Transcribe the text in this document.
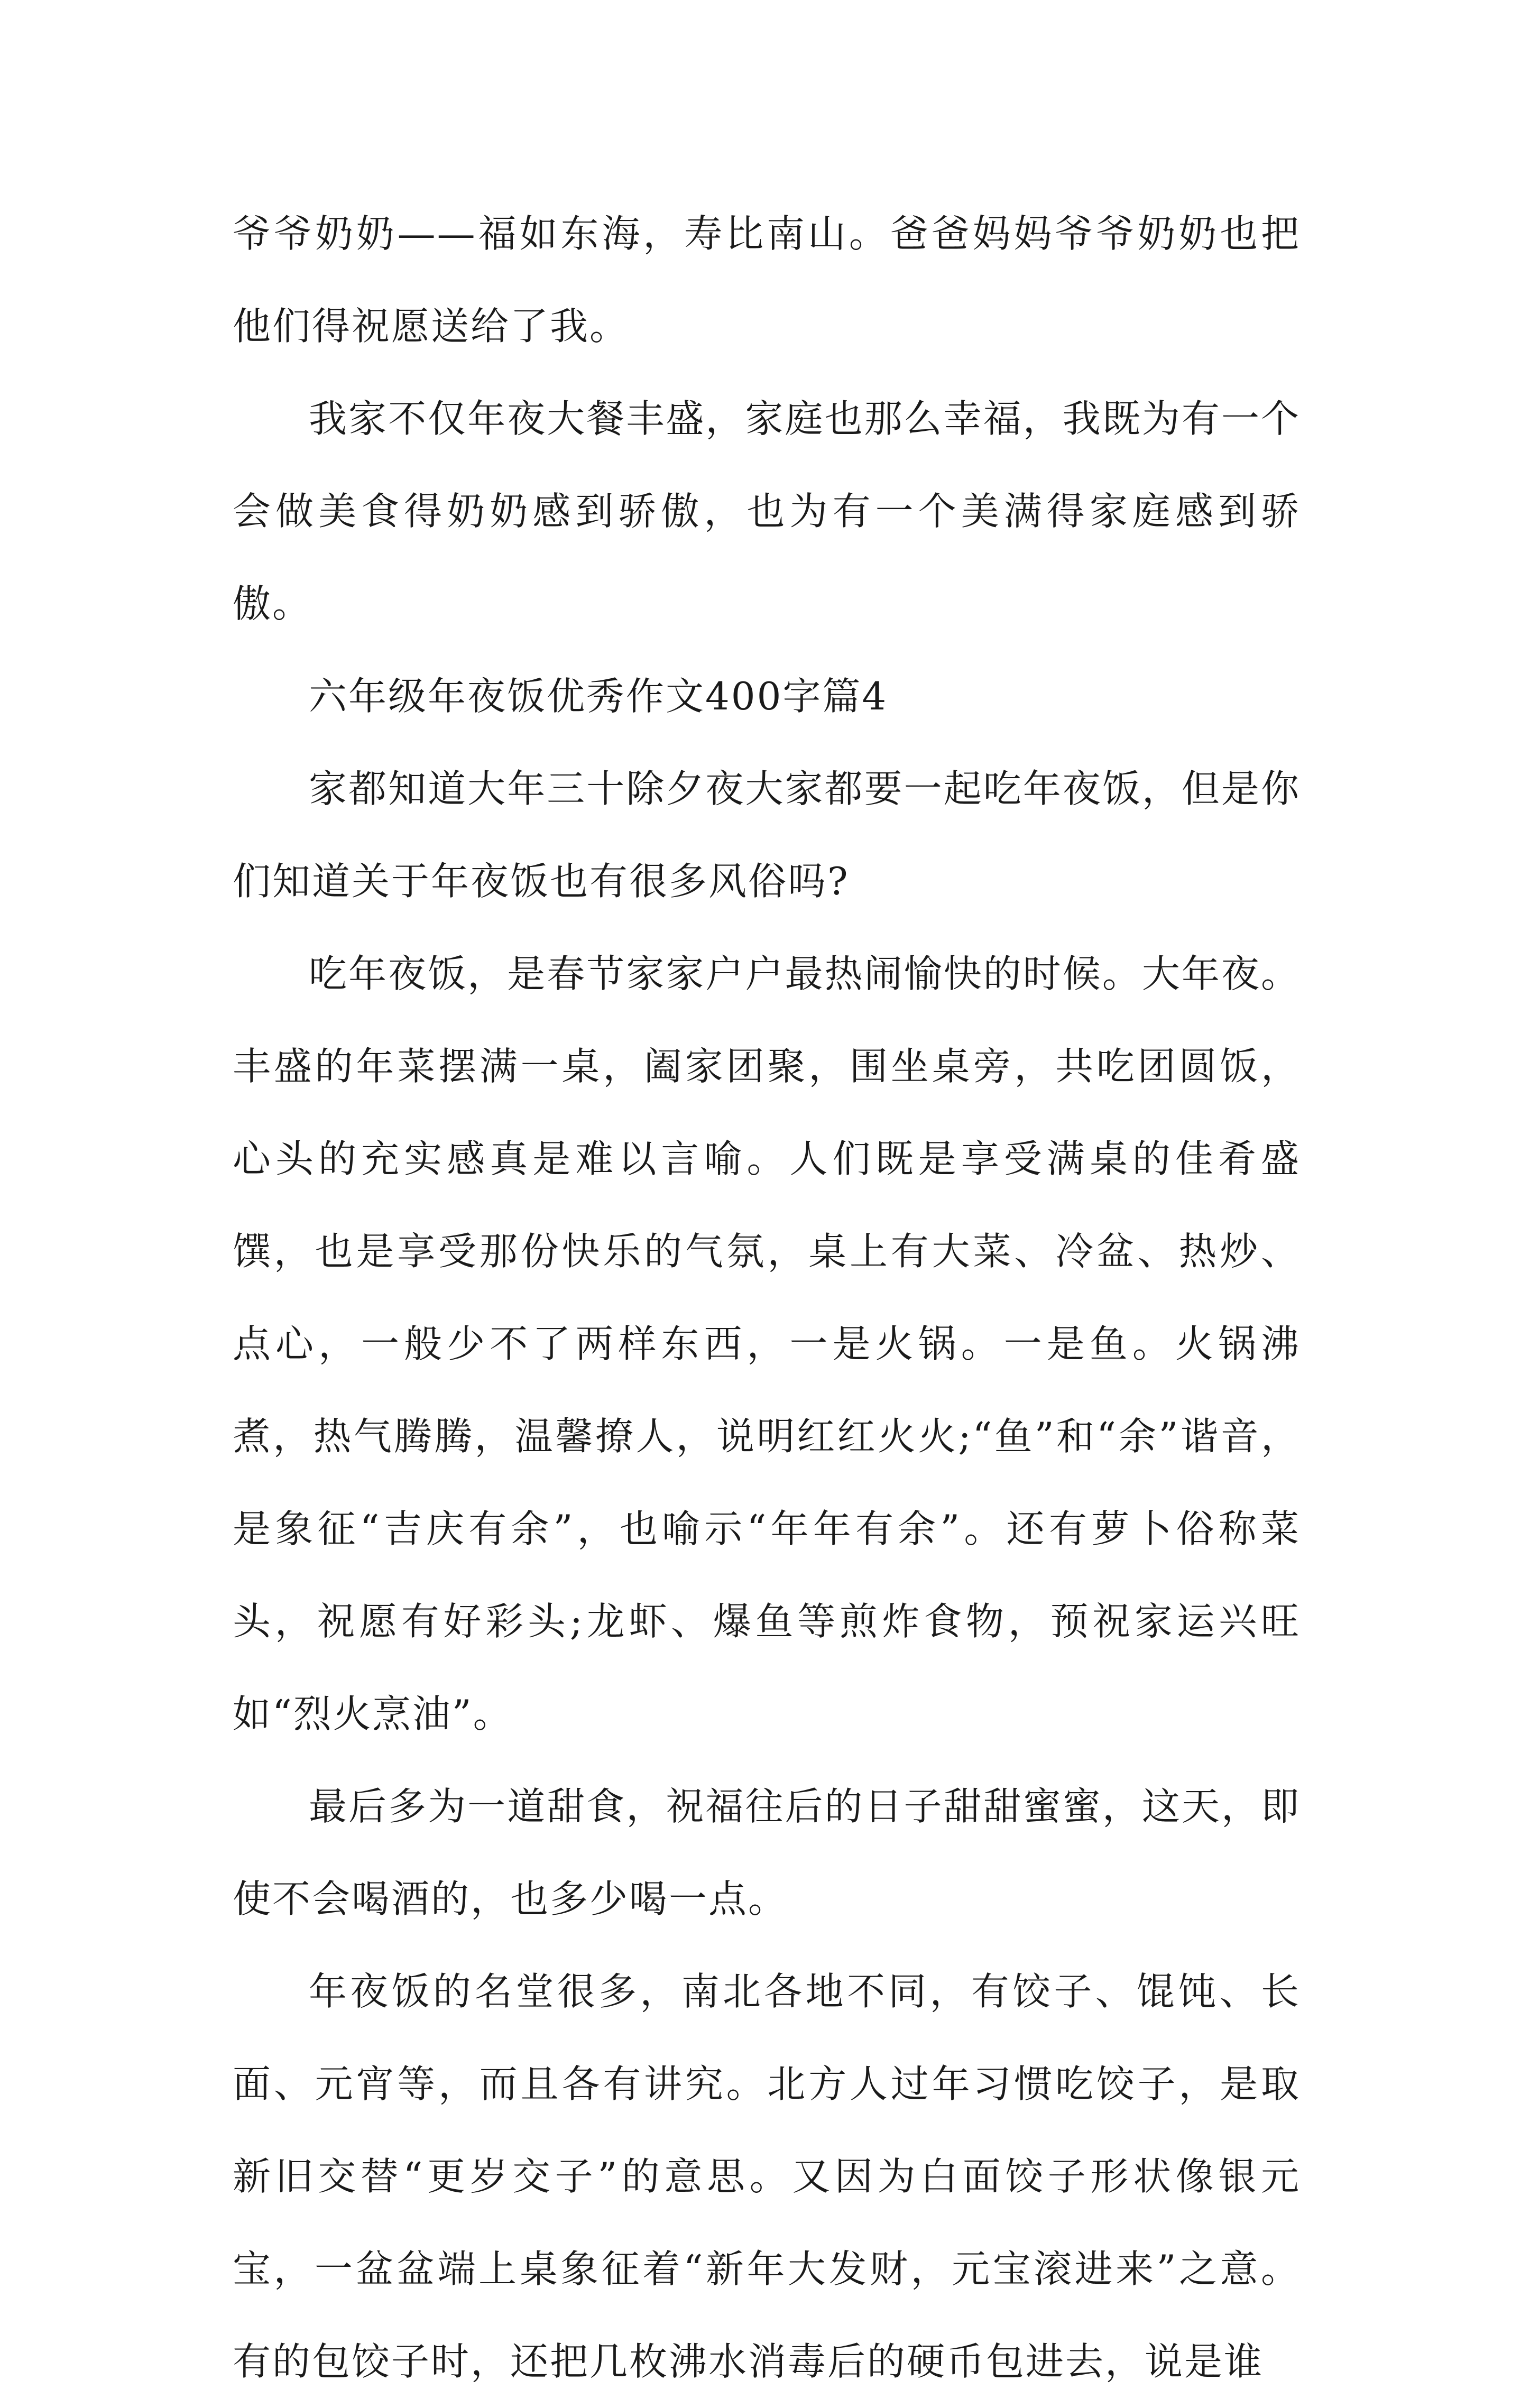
爷爷奶奶——福如东海，寿比南山。爸爸妈妈爷爷奶奶也把他们得祝愿送给了我。

我家不仅年夜大餐丰盛，家庭也那么幸福，我既为有一个会做美食得奶奶感到骄傲，也为有一个美满得家庭感到骄傲。

六年级年夜饭优秀作文400字篇4

家都知道大年三十除夕夜大家都要一起吃年夜饭，但是你们知道关于年夜饭也有很多风俗吗?

吃年夜饭，是春节家家户户最热闹愉快的时候。大年夜。丰盛的年菜摆满一桌，阖家团聚，围坐桌旁，共吃团圆饭，心头的充实感真是难以言喻。人们既是享受满桌的佳肴盛馔，也是享受那份快乐的气氛，桌上有大菜、冷盆、热炒、点心，一般少不了两样东西，一是火锅。一是鱼。火锅沸煮，热气腾腾，温馨撩人，说明红红火火;“鱼”和“余”谐音，是象征“吉庆有余”，也喻示“年年有余”。还有萝卜俗称菜头，祝愿有好彩头;龙虾、爆鱼等煎炸食物，预祝家运兴旺如“烈火烹油”。

最后多为一道甜食，祝福往后的日子甜甜蜜蜜，这天，即使不会喝酒的，也多少喝一点。

年夜饭的名堂很多，南北各地不同，有饺子、馄饨、长面、元宵等，而且各有讲究。北方人过年习惯吃饺子，是取新旧交替“更岁交子”的意思。又因为白面饺子形状像银元宝，一盆盆端上桌象征着“新年大发财，元宝滚进来”之意。有的包饺子时，还把几枚沸水消毒后的硬币包进去，说是谁
